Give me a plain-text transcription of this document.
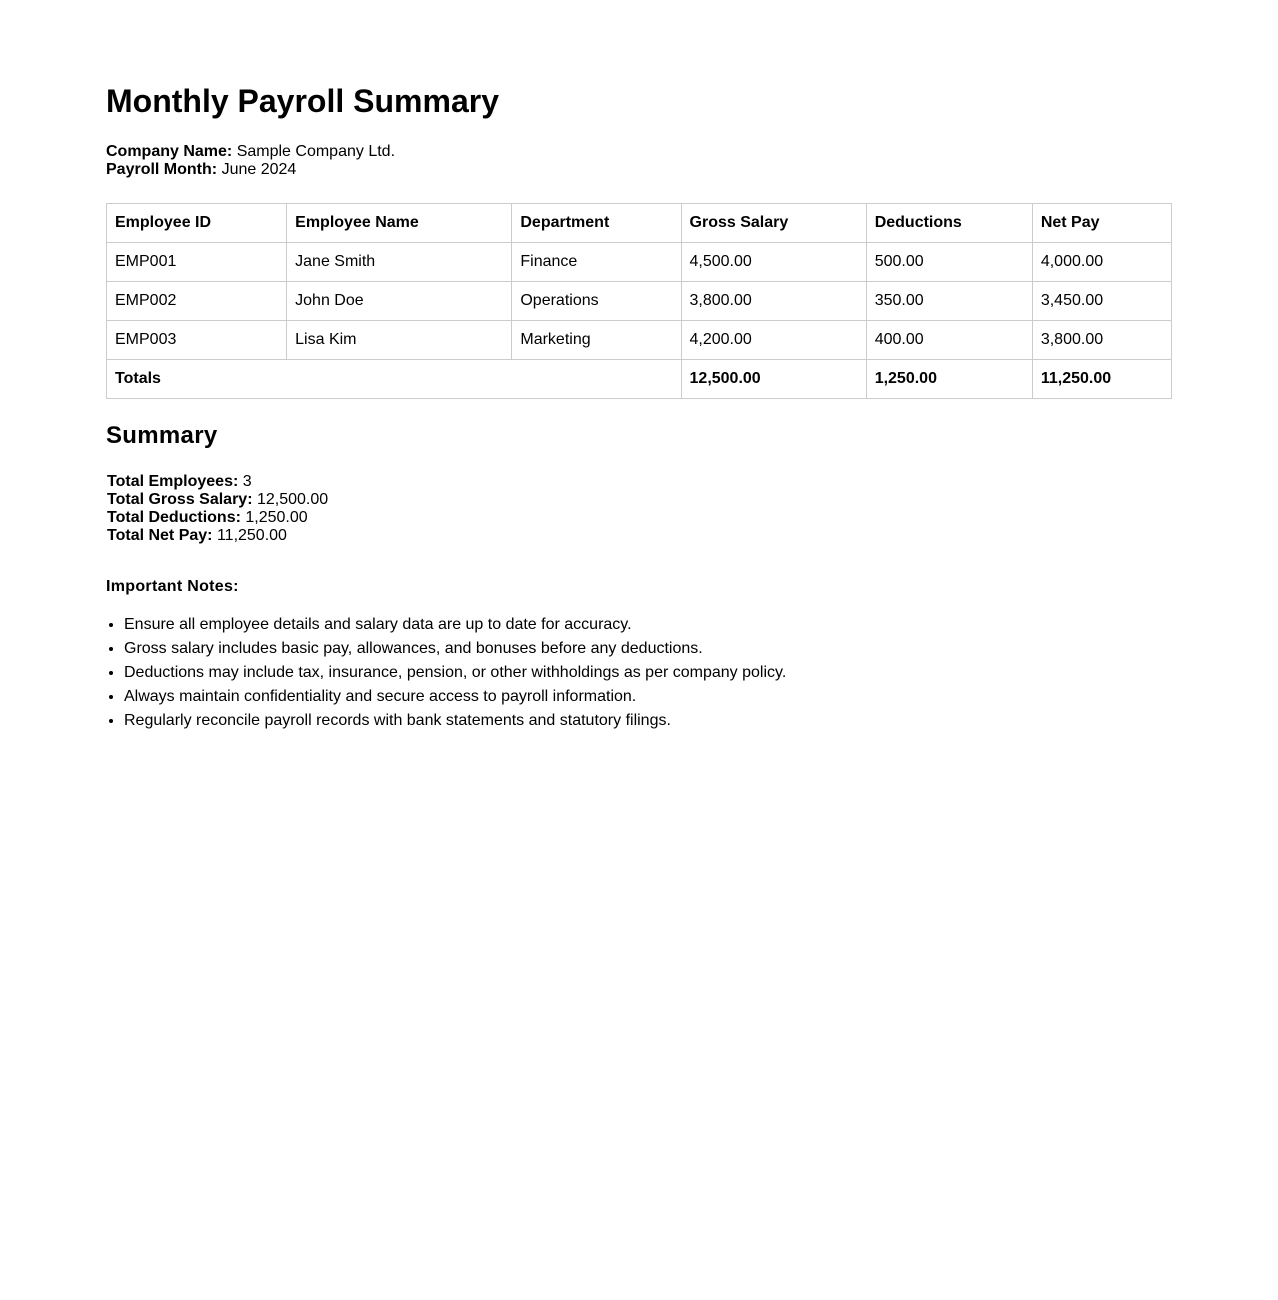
Monthly Payroll Summary
Company Name: Sample Company Ltd.
Payroll Month: June 2024
Employee ID	Employee Name	Department	Gross Salary	Deductions	Net Pay
EMP001	Jane Smith	Finance	4,500.00	500.00	4,000.00
EMP002	John Doe	Operations	3,800.00	350.00	3,450.00
EMP003	Lisa Kim	Marketing	4,200.00	400.00	3,800.00
Totals			12,500.00	1,250.00	11,250.00
Summary
Total Employees: 3
Total Gross Salary: 12,500.00
Total Deductions: 1,250.00
Total Net Pay: 11,250.00
Important Notes:
• Ensure all employee details and salary data are up to date for accuracy.
• Gross salary includes basic pay, allowances, and bonuses before any deductions.
• Deductions may include tax, insurance, pension, or other withholdings as per company policy.
• Always maintain confidentiality and secure access to payroll information.
• Regularly reconcile payroll records with bank statements and statutory filings.
